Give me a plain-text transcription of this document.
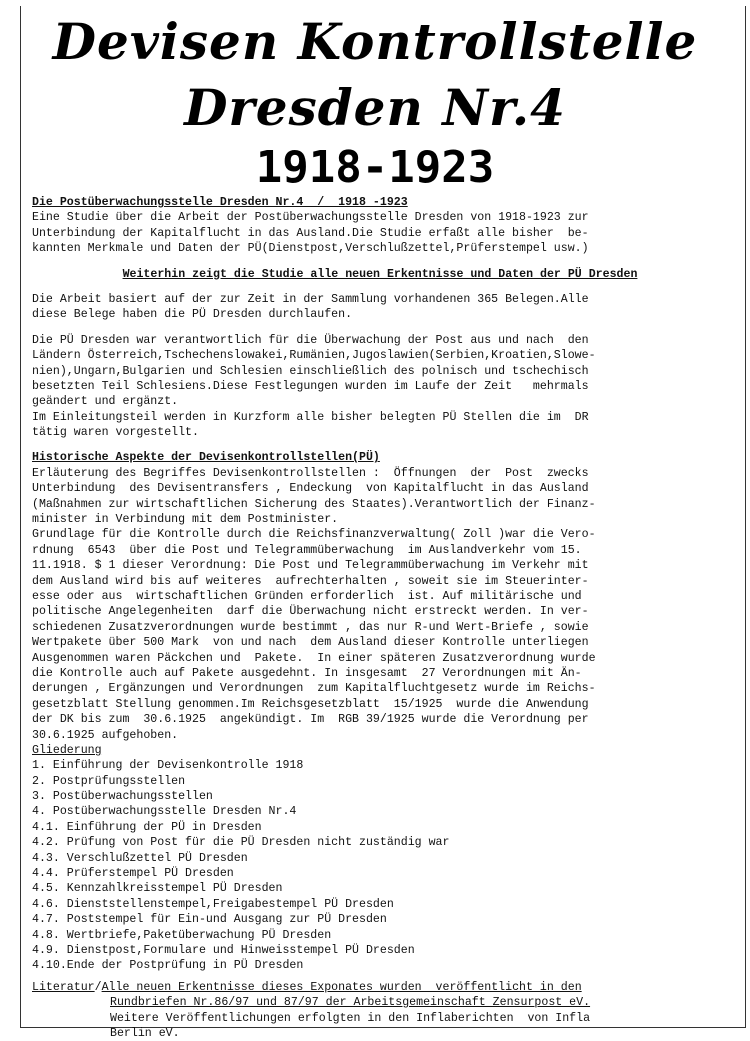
Devisen Kontrollstelle
Dresden Nr.4
1918-1923
Die Postüberwachungsstelle Dresden Nr.4  /  1918 -1923
Eine Studie über die Arbeit der Postüberwachungsstelle Dresden von 1918-1923 zur
Unterbindung der Kapitalflucht in das Ausland.Die Studie erfaßt alle bisher  be-
kannten Merkmale und Daten der PÜ(Dienstpost,Verschlußzettel,Prüferstempel usw.)
Weiterhin zeigt die Studie alle neuen Erkentnisse und Daten der PÜ Dresden
Die Arbeit basiert auf der zur Zeit in der Sammlung vorhandenen 365 Belegen.Alle
diese Belege haben die PÜ Dresden durchlaufen.
Die PÜ Dresden war verantwortlich für die Überwachung der Post aus und nach  den
Ländern Österreich,Tschechenslowakei,Rumänien,Jugoslawien(Serbien,Kroatien,Slowe-
nien),Ungarn,Bulgarien und Schlesien einschließlich des polnisch und tschechisch
besetzten Teil Schlesiens.Diese Festlegungen wurden im Laufe der Zeit   mehrmals
geändert und ergänzt.
Im Einleitungsteil werden in Kurzform alle bisher belegten PÜ Stellen die im  DR
tätig waren vorgestellt.
Historische Aspekte der Devisenkontrollstellen(PÜ)
Erläuterung des Begriffes Devisenkontrollstellen :  Öffnungen  der  Post  zwecks
Unterbindung  des Devisentransfers , Endeckung  von Kapitalflucht in das Ausland
(Maßnahmen zur wirtschaftlichen Sicherung des Staates).Verantwortlich der Finanz-
minister in Verbindung mit dem Postminister.
Grundlage für die Kontrolle durch die Reichsfinanzverwaltung( Zoll )war die Vero-
rdnung  6543  über die Post und Telegrammüberwachung  im Auslandverkehr vom 15.
11.1918. $ 1 dieser Verordnung: Die Post und Telegrammüberwachung im Verkehr mit
dem Ausland wird bis auf weiteres  aufrechterhalten , soweit sie im Steuerinter-
esse oder aus  wirtschaftlichen Gründen erforderlich  ist. Auf militärische und
politische Angelegenheiten  darf die Überwachung nicht erstreckt werden. In ver-
schiedenen Zusatzverordnungen wurde bestimmt , das nur R-und Wert-Briefe , sowie
Wertpakete über 500 Mark  von und nach  dem Ausland dieser Kontrolle unterliegen
Ausgenommen waren Päckchen und  Pakete.  In einer späteren Zusatzverordnung wurde
die Kontrolle auch auf Pakete ausgedehnt. In insgesamt  27 Verordnungen mit Än-
derungen , Ergänzungen und Verordnungen  zum Kapitalfluchtgesetz wurde im Reichs-
gesetzblatt Stellung genommen.Im Reichsgesetzblatt  15/1925  wurde die Anwendung
der DK bis zum  30.6.1925  angekündigt. Im  RGB 39/1925 wurde die Verordnung per
30.6.1925 aufgehoben.
Gliederung
1. Einführung der Devisenkontrolle 1918
2. Postprüfungsstellen
3. Postüberwachungsstellen
4. Postüberwachungsstelle Dresden Nr.4
4.1. Einführung der PÜ in Dresden
4.2. Prüfung von Post für die PÜ Dresden nicht zuständig war
4.3. Verschlußzettel PÜ Dresden
4.4. Prüferstempel PÜ Dresden
4.5. Kennzahlkreisstempel PÜ Dresden
4.6. Dienststellenstempel,Freigabestempel PÜ Dresden
4.7. Poststempel für Ein-und Ausgang zur PÜ Dresden
4.8. Wertbriefe,Paketüberwachung PÜ Dresden
4.9. Dienstpost,Formulare und Hinweisstempel PÜ Dresden
4.10.Ende der Postprüfung in PÜ Dresden
Literatur/Alle neuen Erkentnisse dieses Exponates wurden  veröffentlicht in den
Rundbriefen Nr.86/97 und 87/97 der Arbeitsgemeinschaft Zensurpost eV.
Weitere Veröffentlichungen erfolgten in den Inflaberichten  von Infla
Berlin eV.
